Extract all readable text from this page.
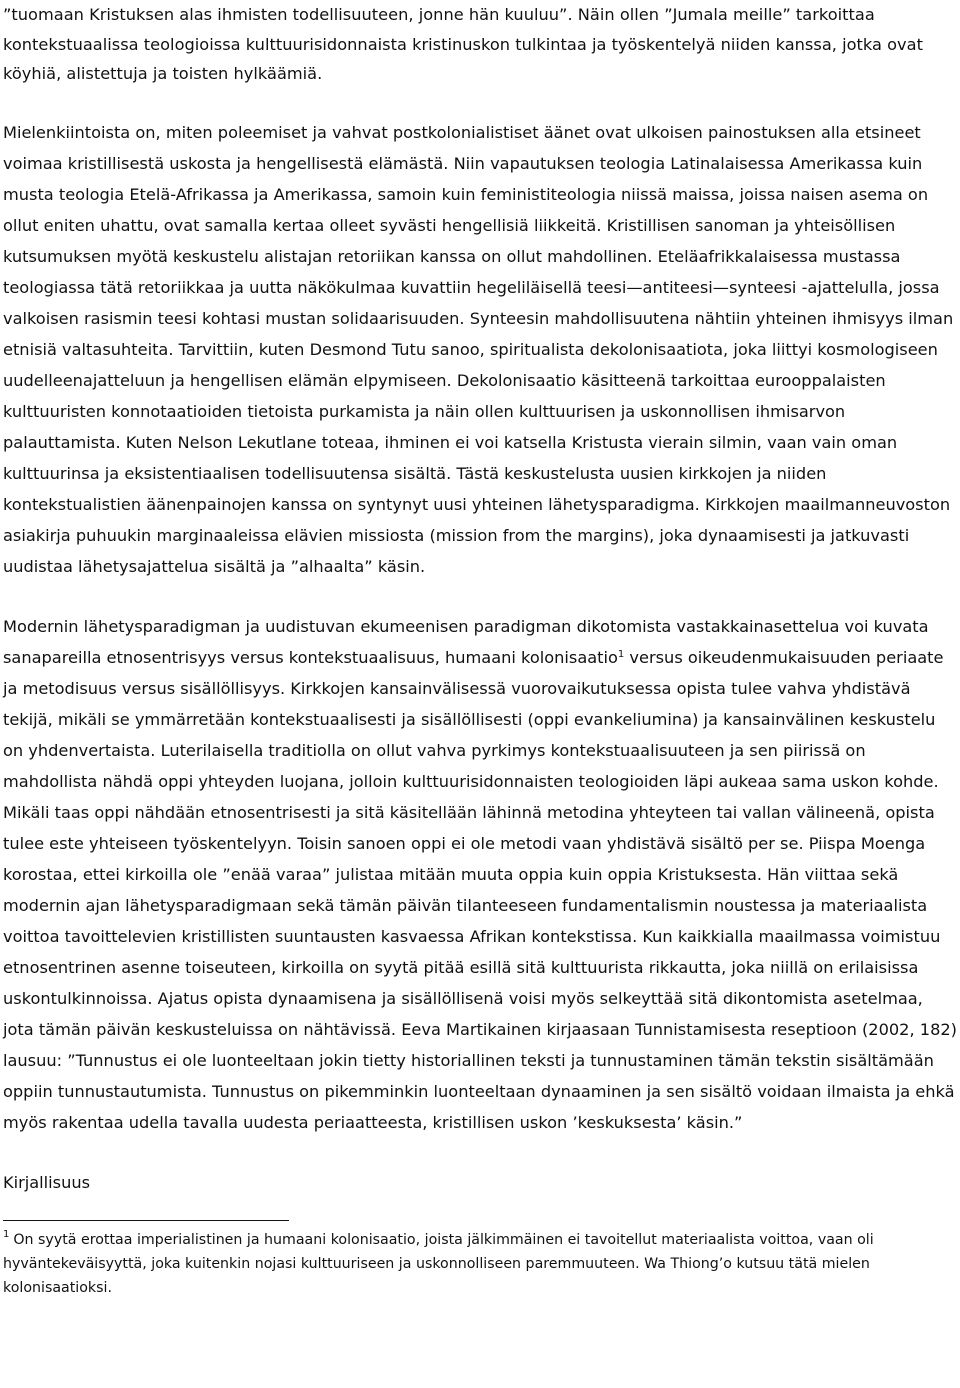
”tuomaan Kristuksen alas ihmisten todellisuuteen, jonne hän kuuluu”. Näin ollen ”Jumala meille” tarkoittaa kontekstuaalissa teologioissa kulttuurisidonnaista kristinuskon tulkintaa ja työskentelyä niiden kanssa, jotka ovat köyhiä, alistettuja ja toisten hylkäämiä.

Mielenkiintoista on, miten poleemiset ja vahvat postkolonialistiset äänet ovat ulkoisen painostuksen alla etsineet voimaa kristillisestä uskosta ja hengellisestä elämästä. Niin vapautuksen teologia Latinalaisessa Amerikassa kuin musta teologia Etelä-Afrikassa ja Amerikassa, samoin kuin feministiteologia niissä maissa, joissa naisen asema on ollut eniten uhattu, ovat samalla kertaa olleet syvästi hengellisiä liikkeitä. Kristillisen sanoman ja yhteisöllisen kutsumuksen myötä keskustelu alistajan retoriikan kanssa on ollut mahdollinen. Eteläafrikkalaisessa mustassa teologiassa tätä retoriikkaa ja uutta näkökulmaa kuvattiin hegeliläisellä teesi—antiteesi—synteesi -ajattelulla, jossa valkoisen rasismin teesi kohtasi mustan solidaarisuuden. Synteesin mahdollisuutena nähtiin yhteinen ihmisyys ilman etnisiä valtasuhteita. Tarvittiin, kuten Desmond Tutu sanoo, spiritualista dekolonisaatiota, joka liittyi kosmologiseen uudelleenajatteluun ja hengellisen elämän elpymiseen. Dekolonisaatio käsitteenä tarkoittaa eurooppalaisten kulttuuristen konnotaatioiden tietoista purkamista ja näin ollen kulttuurisen ja uskonnollisen ihmisarvon palauttamista. Kuten Nelson Lekutlane toteaa, ihminen ei voi katsella Kristusta vierain silmin, vaan vain oman kulttuurinsa ja eksistentiaalisen todellisuutensa sisältä. Tästä keskustelusta uusien kirkkojen ja niiden kontekstualistien äänenpainojen kanssa on syntynyt uusi yhteinen lähetysparadigma. Kirkkojen maailmanneuvoston asiakirja puhuukin marginaaleissa elävien missiosta (mission from the margins), joka dynaamisesti ja jatkuvasti uudistaa lähetysajattelua sisältä ja ”alhaalta” käsin.

Modernin lähetysparadigman ja uudistuvan ekumeenisen paradigman dikotomista vastakkainasettelua voi kuvata sanapareilla etnosentrisyys versus kontekstuaalisuus, humaani kolonisaatio$^1$ versus oikeudenmukaisuuden periaate ja metodisuus versus sisällöllisyys. Kirkkojen kansainvälisessä vuorovaikutuksessa opista tulee vahva yhdistävä tekijä, mikäli se ymmärretään kontekstuaalisesti ja sisällöllisesti (oppi evankeliumina) ja kansainvälinen keskustelu on yhdenvertaista. Luterilaisella traditiolla on ollut vahva pyrkimys kontekstuaalisuuteen ja sen piirissä on mahdollista nähdä oppi yhteyden luojana, jolloin kulttuurisidonnaisten teologioiden läpi aukeaa sama uskon kohde. Mikäli taas oppi nähdään etnosentrisesti ja sitä käsitellään lähinnä metodina yhteyteen tai vallan välineenä, opista tulee este yhteiseen työskentelyyn. Toisin sanoen oppi ei ole metodi vaan yhdistävä sisältö per se. Piispa Moenga korostaa, ettei kirkoilla ole ”enää varaa” julistaa mitään muuta oppia kuin oppia Kristuksesta. Hän viittaa sekä modernin ajan lähetysparadigmaan sekä tämän päivän tilanteeseen fundamentalismin noustessa ja materiaalista voittoa tavoittelevien kristillisten suuntausten kasvaessa Afrikan kontekstissa. Kun kaikkialla maailmassa voimistuu etnosentrinen asenne toiseuteen, kirkoilla on syytä pitää esillä sitä kulttuurista rikkautta, joka niillä on erilaisissa uskontulkinnoissa. Ajatus opista dynaamisena ja sisällöllisenä voisi myös selkeyttää sitä dikontomista asetelmaa, jota tämän päivän keskusteluissa on nähtävissä. Eeva Martikainen kirjaasaan Tunnistamisesta reseptioon (2002, 182) lausuu: ”Tunnustus ei ole luonteeltaan jokin tietty historiallinen teksti ja tunnustaminen tämän tekstin sisältämään oppiin tunnustautumista. Tunnustus on pikemminkin luonteeltaan dynaaminen ja sen sisältö voidaan ilmaista ja ehkä myös rakentaa udella tavalla uudesta periaatteesta, kristillisen uskon ’keskuksesta’ käsin.”

Kirjallisuus

$^1$ On syytä erottaa imperialistinen ja humaani kolonisaatio, joista jälkimmäinen ei tavoitellut materiaalista voittoa, vaan oli hyväntekeväisyyttä, joka kuitenkin nojasi kulttuuriseen ja uskonnolliseen paremmuuteen. Wa Thiong’o kutsuu tätä mielen kolonisaatioksi.
